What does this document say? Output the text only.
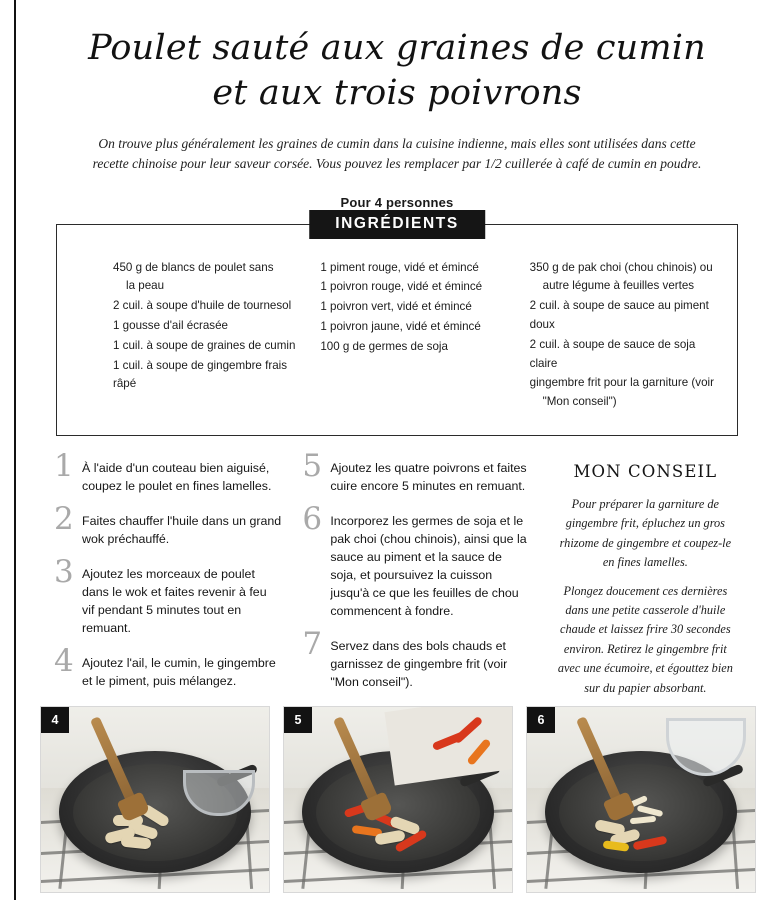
Poulet sauté aux graines de cumin
et aux trois poivrons

On trouve plus généralement les graines de cumin dans la cuisine indienne, mais elles sont utilisées dans cette recette chinoise pour leur saveur corsée. Vous pouvez les remplacer par 1/2 cuillerée à café de cumin en poudre.

Pour 4 personnes

INGRÉDIENTS
450 g de blancs de poulet sans
la peau
2 cuil. à soupe d'huile de tournesol
1 gousse d'ail écrasée
1 cuil. à soupe de graines de cumin
1 cuil. à soupe de gingembre frais râpé
1 piment rouge, vidé et émincé
1 poivron rouge, vidé et émincé
1 poivron vert, vidé et émincé
1 poivron jaune, vidé et émincé
100 g de germes de soja
350 g de pak choi (chou chinois) ou
autre légume à feuilles vertes
2 cuil. à soupe de sauce au piment doux
2 cuil. à soupe de sauce de soja claire
gingembre frit pour la garniture (voir
"Mon conseil")
1 À l'aide d'un couteau bien aiguisé, coupez le poulet en fines lamelles.

2 Faites chauffer l'huile dans un grand wok préchauffé.

3 Ajoutez les morceaux de poulet dans le wok et faites revenir à feu vif pendant 5 minutes tout en remuant.

4 Ajoutez l'ail, le cumin, le gingembre et le piment, puis mélangez.

5 Ajoutez les quatre poivrons et faites cuire encore 5 minutes en remuant.

6 Incorporez les germes de soja et le pak choi (chou chinois), ainsi que la sauce au piment et la sauce de soja, et poursuivez la cuisson jusqu'à ce que les feuilles de chou commencent à fondre.

7 Servez dans des bols chauds et garnissez de gingembre frit (voir "Mon conseil").

MON CONSEIL

Pour préparer la garniture de gingembre frit, épluchez un gros rhizome de gingembre et coupez-le en fines lamelles.

Plongez doucement ces dernières dans une petite casserole d'huile chaude et laissez frire 30 secondes environ. Retirez le gingembre frit avec une écumoire, et égouttez bien sur du papier absorbant.

4	5	6
